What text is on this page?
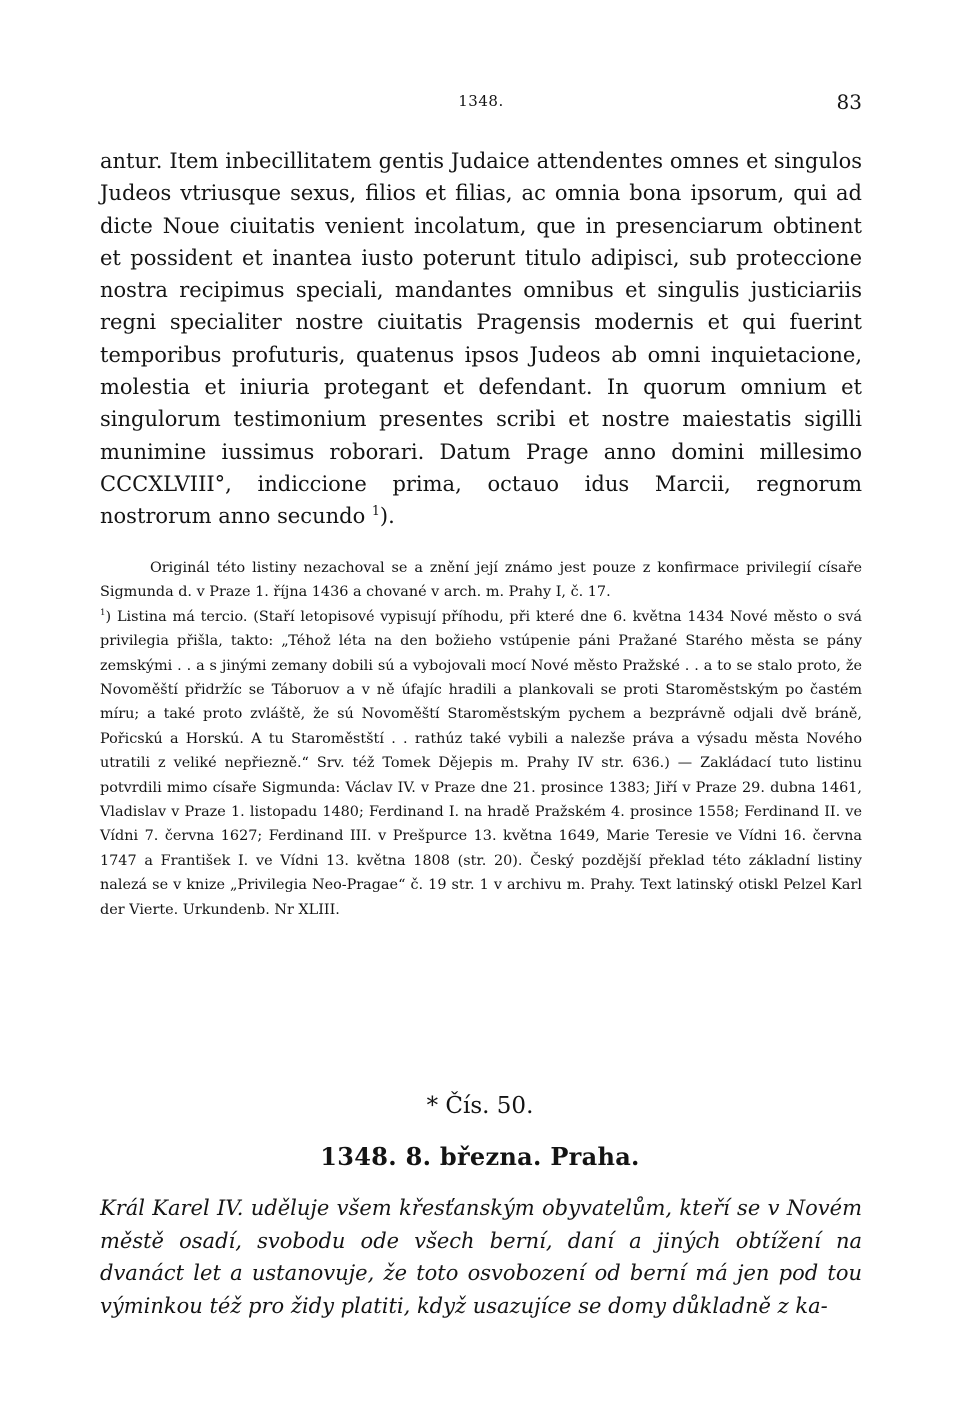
1348.	83

antur. Item inbecillitatem gentis Judaice attendentes omnes et singulos Judeos vtriusque sexus, filios et filias, ac omnia bona ipsorum, qui ad dicte Noue ciuitatis venient incolatum, que in presenciarum obtinent et possident et inantea iusto poterunt titulo adipisci, sub proteccione nostra recipimus speciali, mandantes omnibus et singulis justiciariis regni specialiter nostre ciuitatis Pragensis modernis et qui fuerint temporibus profuturis, quatenus ipsos Judeos ab omni inquietacione, molestia et iniuria protegant et defendant. In quorum omnium et singulorum testimonium presentes scribi et nostre maiestatis sigilli munimine iussimus roborari. Datum Prage anno domini millesimo CCCXLVIII°, indiccione prima, octauo idus Marcii, regnorum nostrorum anno secundo $^1$).

Originál této listiny nezachoval se a znění její známo jest pouze z konfirmace privilegií císaře Sigmunda d. v Praze 1. října 1436 a chované v arch. m. Prahy I, č. 17.

$^1$) Listina má tercio. (Staří letopisové vypisují příhodu, při které dne 6. května 1434 Nové město o svá privilegia přišla, takto: „Téhož léta na den božieho vstúpenie páni Pražané Starého města se pány zemskými . . a s jinými zemany dobili sú a vybojovali mocí Nové město Pražské . . a to se stalo proto, že Novoměští přidržíc se Táboruov a v ně úfajíc hradili a plankovali se proti Staroměstským po častém míru; a také proto zvláště, že sú Novoměští Staroměstským pychem a bezprávně odjali dvě bráně, Pořicskú a Horskú. A tu Staroměstští . . rathúz také vybili a nalezše práva a výsadu města Nového utratili z veliké nepřiezně.“ Srv. též Tomek Dějepis m. Prahy IV str. 636.) — Zakládací tuto listinu potvrdili mimo císaře Sigmunda: Václav IV. v Praze dne 21. prosince 1383; Jiří v Praze 29. dubna 1461, Vladislav v Praze 1. listopadu 1480; Ferdinand I. na hradě Pražském 4. prosince 1558; Ferdinand II. ve Vídni 7. června 1627; Ferdinand III. v Prešpurce 13. května 1649, Marie Teresie ve Vídni 16. června 1747 a František I. ve Vídni 13. května 1808 (str. 20). Český pozdější překlad této základní listiny nalezá se v knize „Privilegia Neo-Pragae“ č. 19 str. 1 v archivu m. Prahy. Text latinský otiskl Pelzel Karl der Vierte. Urkundenb. Nr XLIII.

* Čís. 50.
1348. 8. března. Praha.

Král Karel IV. uděluje všem křesťanským obyvatelům, kteří se v Novém městě osadí, svobodu ode všech berní, daní a jiných obtížení na dvanáct let a ustanovuje, že toto osvobození od berní má jen pod tou výminkou též pro židy platiti, když usazujíce se domy důkladně z ka-
